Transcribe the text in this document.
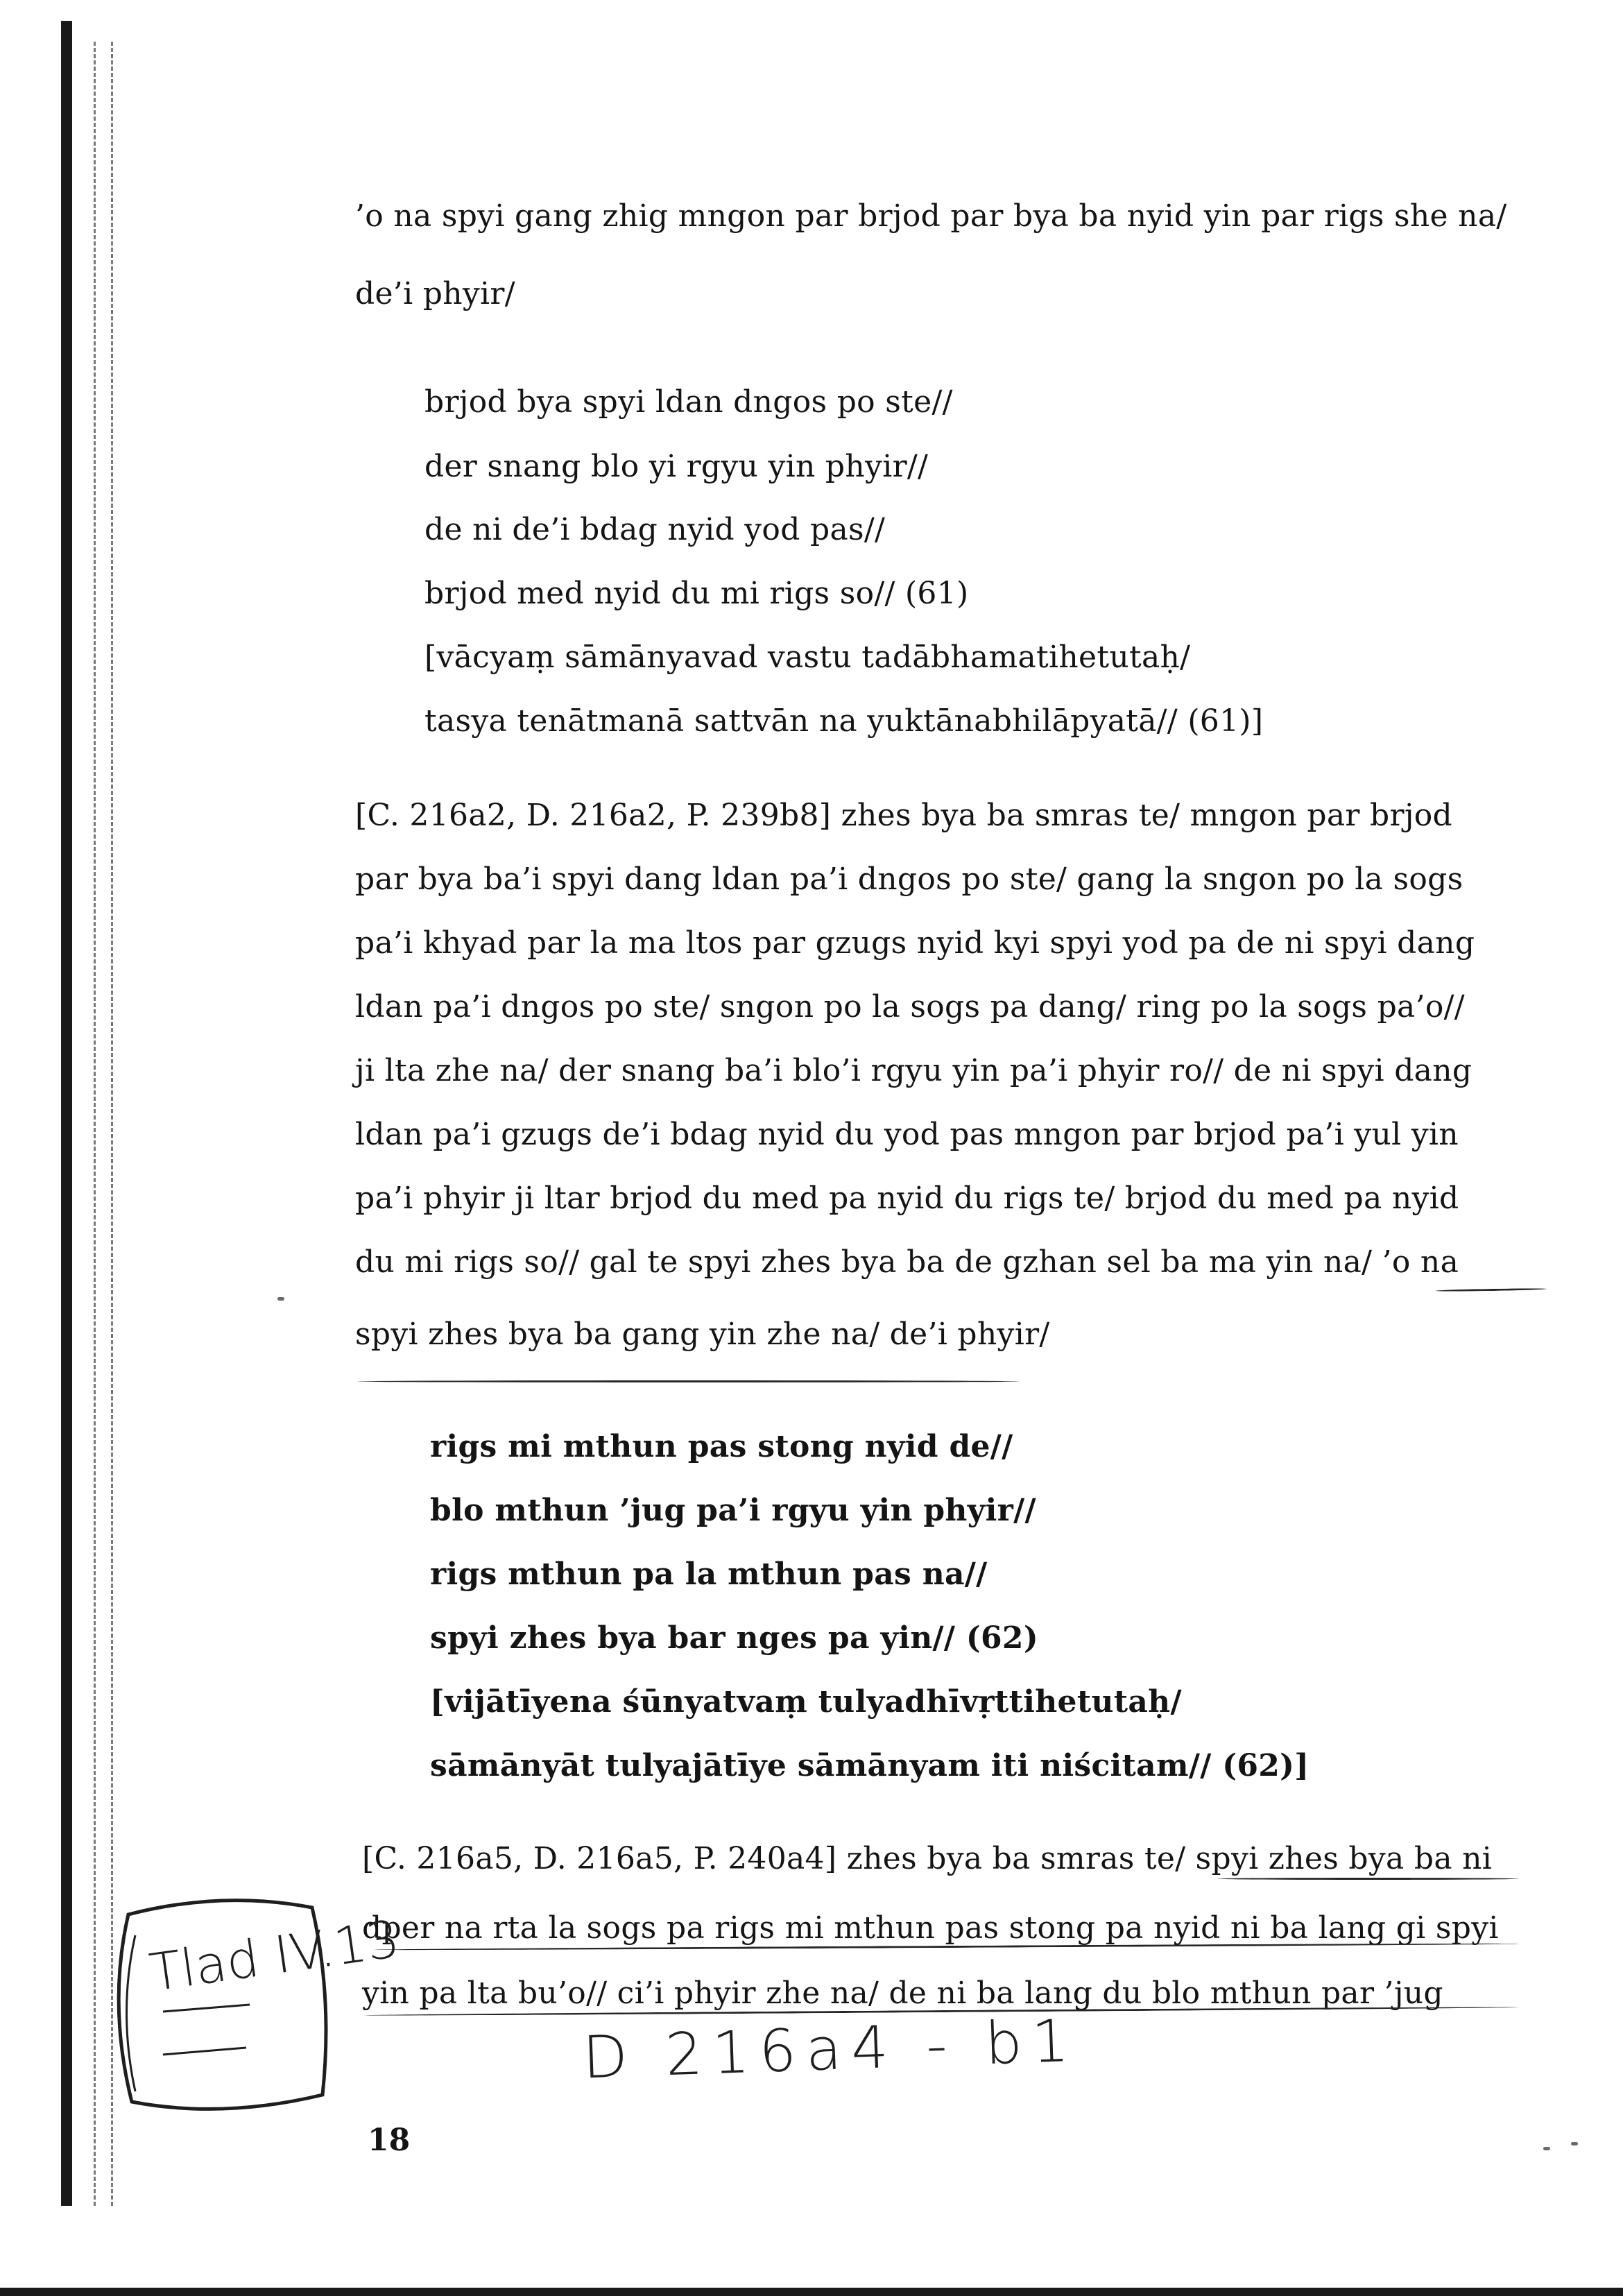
’o na spyi gang zhig mngon par brjod par bya ba nyid yin par rigs she na/
de’i phyir/
brjod bya spyi ldan dngos po ste//
der snang blo yi rgyu yin phyir//
de ni de’i bdag nyid yod pas//
brjod med nyid du mi rigs so// (61)
[vācyaṃ sāmānyavad vastu tadābhamatihetutaḥ/
tasya tenātmanā sattvān na yuktānabhilāpyatā// (61)]
[C. 216a2, D. 216a2, P. 239b8] zhes bya ba smras te/ mngon par brjod
par bya ba’i spyi dang ldan pa’i dngos po ste/ gang la sngon po la sogs
pa’i khyad par la ma ltos par gzugs nyid kyi spyi yod pa de ni spyi dang
ldan pa’i dngos po ste/ sngon po la sogs pa dang/ ring po la sogs pa’o//
ji lta zhe na/ der snang ba’i blo’i rgyu yin pa’i phyir ro// de ni spyi dang
ldan pa’i gzugs de’i bdag nyid du yod pas mngon par brjod pa’i yul yin
pa’i phyir ji ltar brjod du med pa nyid du rigs te/ brjod du med pa nyid
du mi rigs so// gal te spyi zhes bya ba de gzhan sel ba ma yin na/ ’o na
spyi zhes bya ba gang yin zhe na/ de’i phyir/
rigs mi mthun pas stong nyid de//
blo mthun ’jug pa’i rgyu yin phyir//
rigs mthun pa la mthun pas na//
spyi zhes bya bar nges pa yin// (62)
[vijātīyena śūnyatvaṃ tulyadhīvṛttihetutaḥ/
sāmānyāt tulyajātīye sāmānyam iti niścitam// (62)]
[C. 216a5, D. 216a5, P. 240a4] zhes bya ba smras te/ spyi zhes bya ba ni
dper na rta la sogs pa rigs mi mthun pas stong pa nyid ni ba lang gi spyi
yin pa lta bu’o// ci’i phyir zhe na/ de ni ba lang du blo mthun par ’jug
Tlad IV.13
D 216a4 - b1
18
